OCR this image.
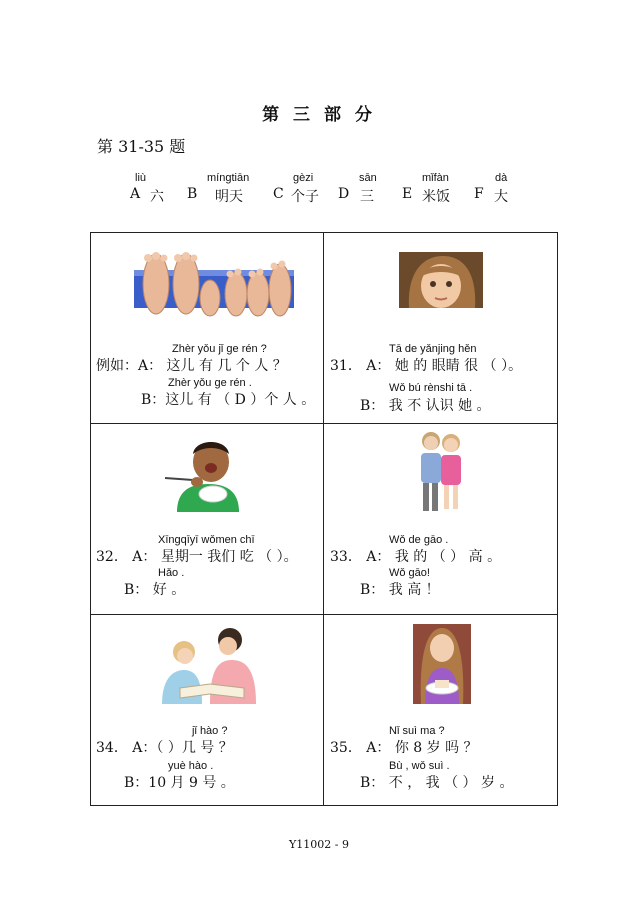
第 三 部 分
第 31-35 题
liù
A 六
míngtiān
B 明天
gèzi
C 个子
sān
D 三
mǐfàn
E 米饭
dà
F 大
Zhèr yǒu jǐ ge rén ?
例如：A： 这儿 有 几 个 人 ？
Zhèr yǒu ge rén .
B：这儿 有 （ D ）个 人 。
Tā de yǎnjing hěn
31． A： 她 的 眼睛 很 （ ）。
Wǒ bú rènshi tā .
B： 我 不 认识 她 。
Xīngqīyī wǒmen chī
32． A： 星期一 我们 吃 （ ）。
Hǎo .
B： 好 。
Wǒ de gāo .
33． A： 我 的 （ ） 高 。
Wǒ gāo!
B： 我 高 ！
jǐ hào ?
34． A：（ ）几 号 ？
yuè hào .
B：10 月 9 号 。
Nǐ suì ma ?
35． A： 你 8 岁 吗 ？
Bù , wǒ suì .
B： 不 ， 我 （ ） 岁 。
Y11002 - 9
